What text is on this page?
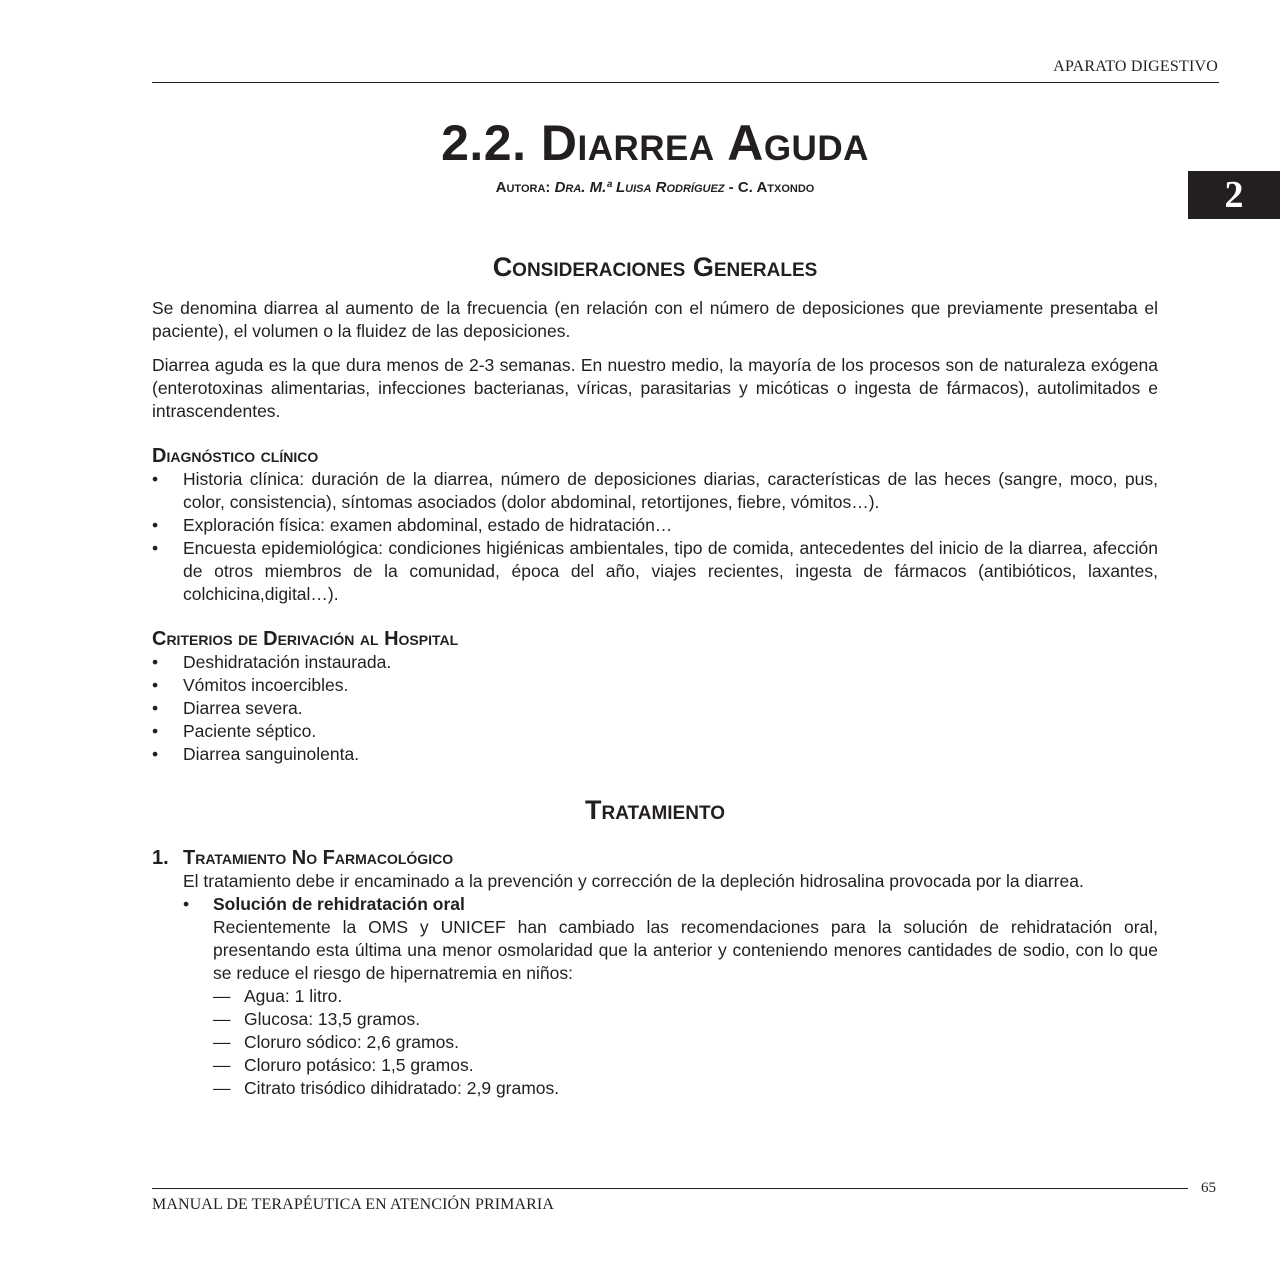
APARATO DIGESTIVO
2
2.2. Diarrea Aguda
Autora: Dra. M.ª Luisa Rodríguez - C. Atxondo
Consideraciones Generales

Se denomina diarrea al aumento de la frecuencia (en relación con el número de deposiciones que previamente presentaba el paciente), el volumen o la fluidez de las deposiciones.

Diarrea aguda es la que dura menos de 2-3 semanas. En nuestro medio, la mayoría de los procesos son de naturaleza exógena (enterotoxinas alimentarias, infecciones bacterianas, víricas, parasitarias y micóticas o ingesta de fármacos), autolimitados e intrascendentes.

Diagnóstico clínico
• Historia clínica: duración de la diarrea, número de deposiciones diarias, características de las heces (sangre, moco, pus, color, consistencia), síntomas asociados (dolor abdominal, retortijones, fiebre, vómitos…).
• Exploración física: examen abdominal, estado de hidratación…
• Encuesta epidemiológica: condiciones higiénicas ambientales, tipo de comida, antecedentes del inicio de la diarrea, afección de otros miembros de la comunidad, época del año, viajes recientes, ingesta de fármacos (antibióticos, laxantes, colchicina,digital…).
Criterios de Derivación al Hospital
• Deshidratación instaurada.
• Vómitos incoercibles.
• Diarrea severa.
• Paciente séptico.
• Diarrea sanguinolenta.
Tratamiento
1. Tratamiento No Farmacológico

El tratamiento debe ir encaminado a la prevención y corrección de la depleción hidrosalina provocada por la diarrea.

• Solución de rehidratación oral

Recientemente la OMS y UNICEF han cambiado las recomendaciones para la solución de rehidratación oral, presentando esta última una menor osmolaridad que la anterior y conteniendo menores cantidades de sodio, con lo que se reduce el riesgo de hipernatremia en niños:

— Agua: 1 litro.
— Glucosa: 13,5 gramos.
— Cloruro sódico: 2,6 gramos.
— Cloruro potásico: 1,5 gramos.
— Citrato trisódico dihidratado: 2,9 gramos.
65
MANUAL DE TERAPÉUTICA EN ATENCIÓN PRIMARIA
